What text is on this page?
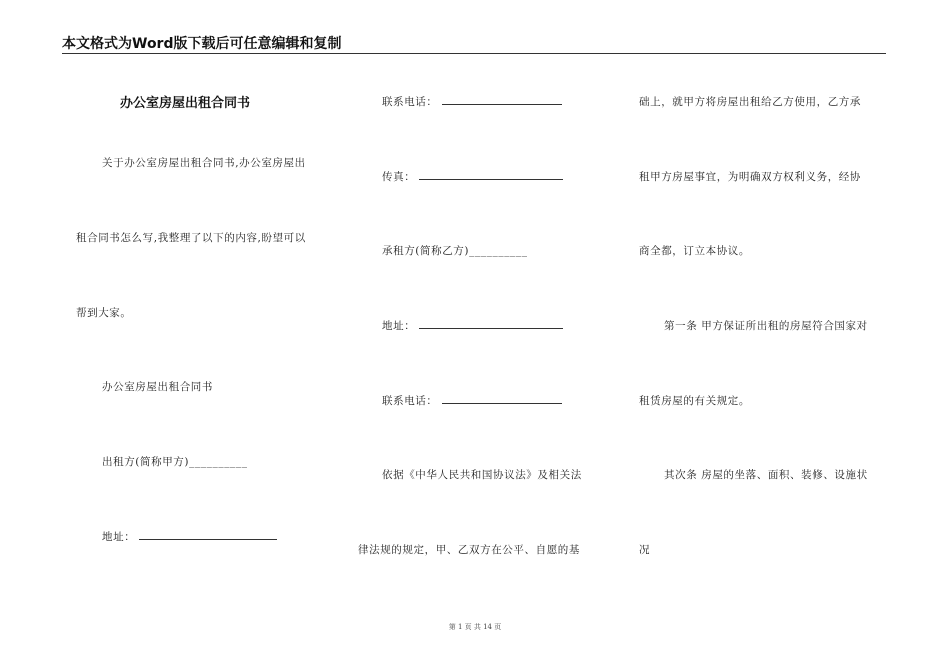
本文格式为Word版下载后可任意编辑和复制
办公室房屋出租合同书
关于办公室房屋出租合同书,办公室房屋出
租合同书怎么写,我整理了以下的内容,盼望可以
帮到大家。
办公室房屋出租合同书
出租方(简称甲方)__________
地址：
联系电话：
传真：
承租方(简称乙方)__________
地址：
联系电话：
依据《中华人民共和国协议法》及相关法
律法规的规定，甲、乙双方在公平、自愿的基
础上，就甲方将房屋出租给乙方使用，乙方承
租甲方房屋事宜，为明确双方权利义务，经协
商全都，订立本协议。
第一条 甲方保证所出租的房屋符合国家对
租赁房屋的有关规定。
其次条 房屋的坐落、面积、装修、设施状
况
第 1 页 共 14 页
